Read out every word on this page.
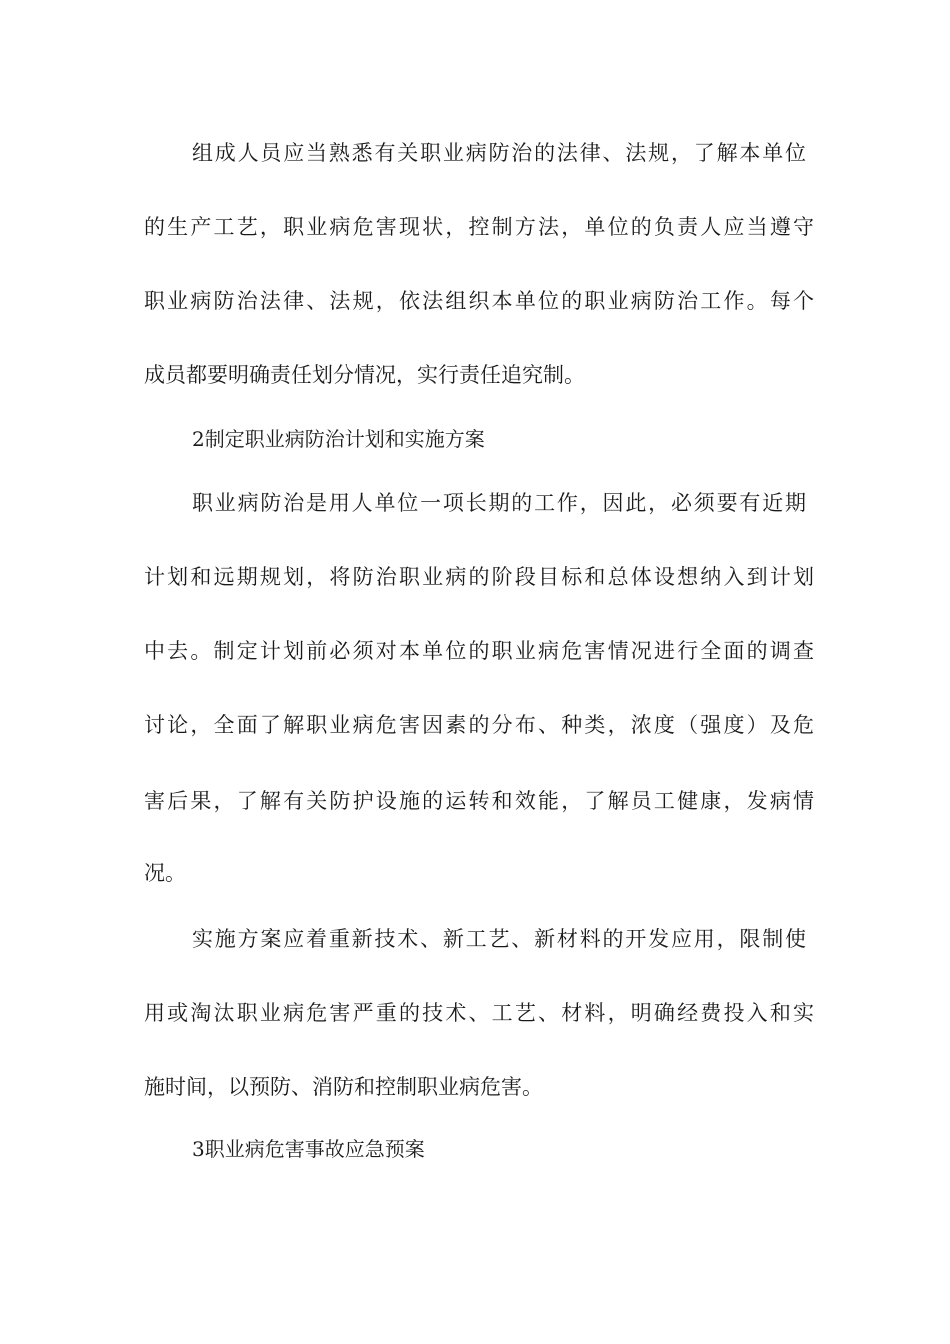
组成人员应当熟悉有关职业病防治的法律、法规，了解本单位
的生产工艺，职业病危害现状，控制方法，单位的负责人应当遵守
职业病防治法律、法规，依法组织本单位的职业病防治工作。每个
成员都要明确责任划分情况，实行责任追究制。
2制定职业病防治计划和实施方案
职业病防治是用人单位一项长期的工作，因此，必须要有近期
计划和远期规划，将防治职业病的阶段目标和总体设想纳入到计划
中去。制定计划前必须对本单位的职业病危害情况进行全面的调查
讨论，全面了解职业病危害因素的分布、种类，浓度（强度）及危
害后果，了解有关防护设施的运转和效能，了解员工健康，发病情
况。
实施方案应着重新技术、新工艺、新材料的开发应用，限制使
用或淘汰职业病危害严重的技术、工艺、材料，明确经费投入和实
施时间，以预防、消防和控制职业病危害。
3职业病危害事故应急预案
